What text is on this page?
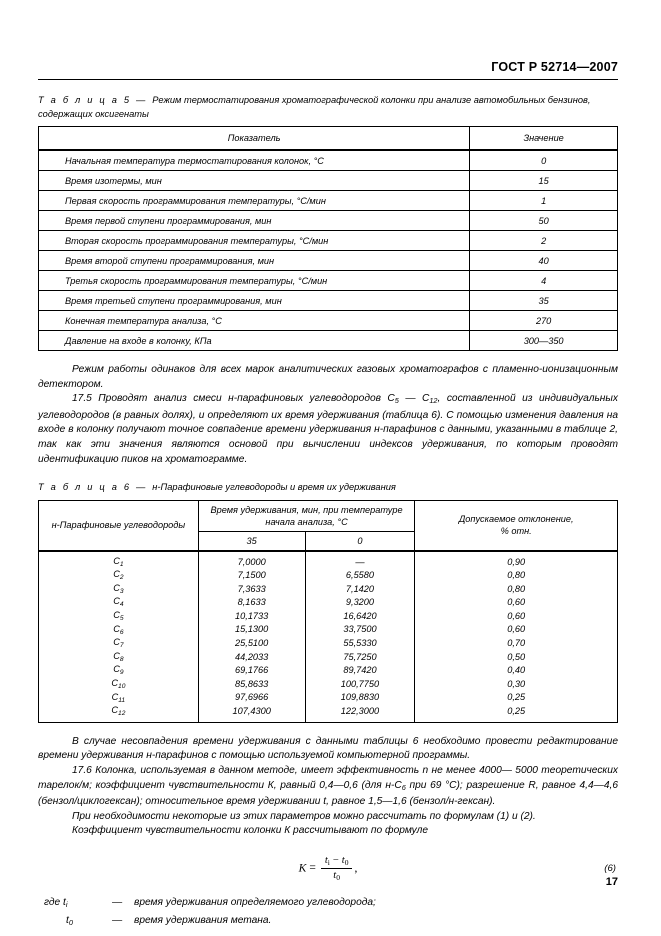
ГОСТ Р 52714—2007
Т а б л и ц а 5 — Режим термостатирования хроматографической колонки при анализе автомобильных бензинов, содержащих оксигенаты
Показатель	Значение
Начальная температура термостатирования колонок, °С	0
Время изотермы, мин	15
Первая скорость программирования температуры, °С/мин	1
Время первой ступени программирования, мин	50
Вторая скорость программирования температуры, °С/мин	2
Время второй ступени программирования, мин	40
Третья скорость программирования температуры, °С/мин	4
Время третьей ступени программирования, мин	35
Конечная температура анализа, °С	270
Давление на входе в колонку, КПа	300—350

Режим работы одинаков для всех марок аналитических газовых хроматографов с пламенно-ионизационным детектором.

17.5 Проводят анализ смеси н-парафиновых углеводородов $С_5$ — $С_{12}$, составленной из индивидуальных углеводородов (в равных долях), и определяют их время удерживания (таблица 6). С помощью изменения давления на входе в колонку получают точное совпадение времени удерживания н-парафинов с данными, указанными в таблице 2, так как эти значения являются основой при вычислении индексов удерживания, по которым проводят идентификацию пиков на хроматограмме.

Т а б л и ц а 6 — н-Парафиновые углеводороды и время их удерживания
н-Парафиновые углеводороды	Время удерживания, мин, при температуре начала анализа, °С		Допускаемое отклонение,
% отн.
	35	0	
$C_1$	7,0000	—	0,90
$C_2$	7,1500	6,5580	0,80
$C_3$	7,3633	7,1420	0,80
$C_4$	8,1633	9,3200	0,60
$C_5$	10,1733	16,6420	0,60
$C_6$	15,1300	33,7500	0,60
$C_7$	25,5100	55,5330	0,70
$C_8$	44,2033	75,7250	0,50
$C_9$	69,1766	89,7420	0,40
$C_{10}$	85,8633	100,7750	0,30
$C_{11}$	97,6966	109,8830	0,25
$C_{12}$	107,4300	122,3000	0,25

В случае несовпадения времени удерживания с данными таблицы 6 необходимо провести редактирование времени удерживания н-парафинов с помощью используемой компьютерной программы.

17.6 Колонка, используемая в данном методе, имеет эффективность n не менее 4000— 5000 теоретических тарелок/м; коэффициент чувствительности К, равный 0,4—0,6 (для $н-С_6$ при 69 °С); разрешение R, равное 4,4—4,6 (бензол/циклогексан); относительное время удерживании t, равное 1,5—1,6 (бензол/н-гексан).

При необходимости некоторые из этих параметров можно рассчитать по формулам (1) и (2).

Коэффициент чувствительности колонки К рассчитывают по формуле

$K = \frac{t_i - t_0}{t_0}$ ,	(6)
где $t_i$	— время удерживания определяемого углеводорода;
$t_0$	— время удерживания метана.
17
